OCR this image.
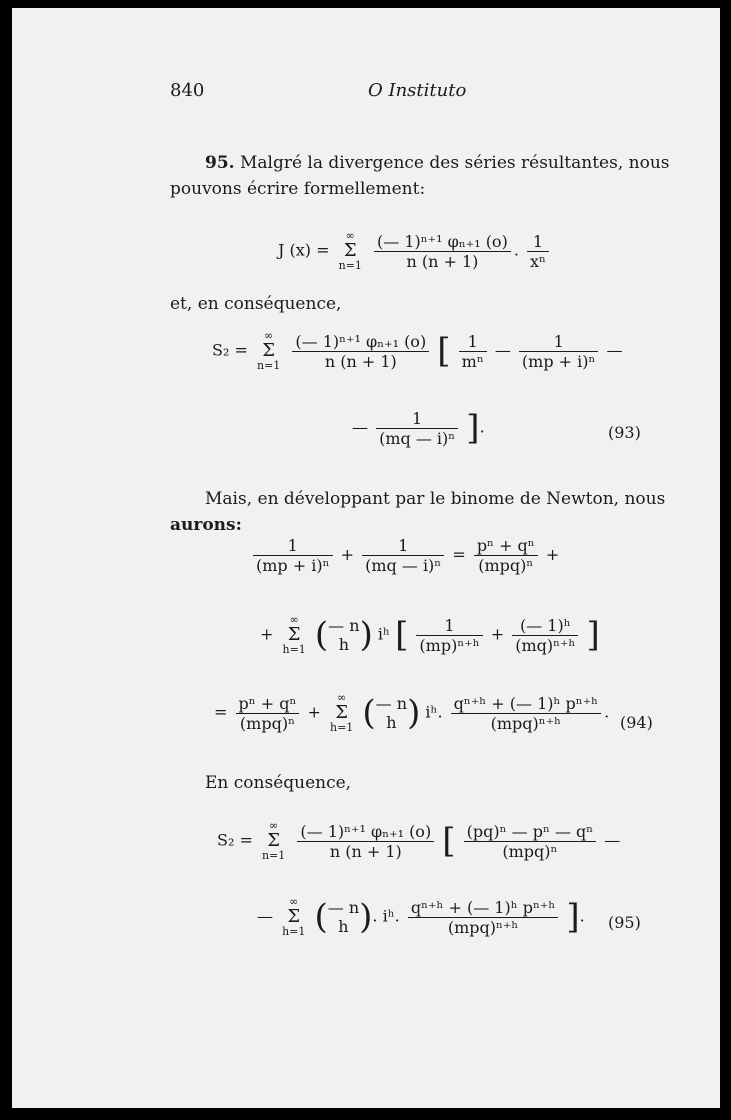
840	O Instituto
95. Malgré la divergence des séries résultantes, nous
pouvons écrire formellement:
J (x) = ∞
Σ
$n=1 \frac{\text{(— 1)ⁿ⁺¹ φₙ₊₁ (o)}}{n (n + 1)}$ . $\frac{1}{\text{xⁿ}}$
et, en conséquence,
S₂ = ∞
Σ
$n=1 \frac{\text{(— 1)ⁿ⁺¹ φₙ₊₁ (o)}}{n (n + 1)}$ [ $\frac{1}{\text{mⁿ}}$ — $\frac{1}{\text{(mp + i)ⁿ}}$ —
— $\frac{1}{\text{(mq — i)ⁿ}}$ ].	(93)
Mais, en développant par le binome de Newton, nous
aurons:
$\frac{1}{\text{(mp + i)ⁿ}} + \frac{1}{\text{(mq — i)ⁿ}} = \frac{\text{pⁿ + qⁿ}}{\text{(mpq)ⁿ}}$ +
+ ∞
Σ
h=1 ( — n
h ) iʰ [ $\frac{1}{\text{(mp)ⁿ⁺ʰ}} + \frac{\text{(— 1)ʰ}}{\text{(mq)ⁿ⁺ʰ}}$ ]
= $\frac{\text{pⁿ + qⁿ}}{\text{(mpq)ⁿ}}$ + ∞
Σ
h=1 ( — n
h ) iʰ. $\frac{\text{qⁿ⁺ʰ + (— 1)ʰ pⁿ⁺ʰ}}{\text{(mpq)ⁿ⁺ʰ}}$ .
(94)
En conséquence,
S₂ = ∞
Σ
$n=1 \frac{\text{(— 1)ⁿ⁺¹ φₙ₊₁ (o)}}{n (n + 1)}$ [ $\frac{\text{(pq)ⁿ — pⁿ — qⁿ}}{\text{(mpq)ⁿ}}$ —
— ∞
Σ
h=1 ( — n
h ). iʰ. $\frac{\text{qⁿ⁺ʰ + (— 1)ʰ pⁿ⁺ʰ}}{\text{(mpq)ⁿ⁺ʰ}}$ ]. (95)
